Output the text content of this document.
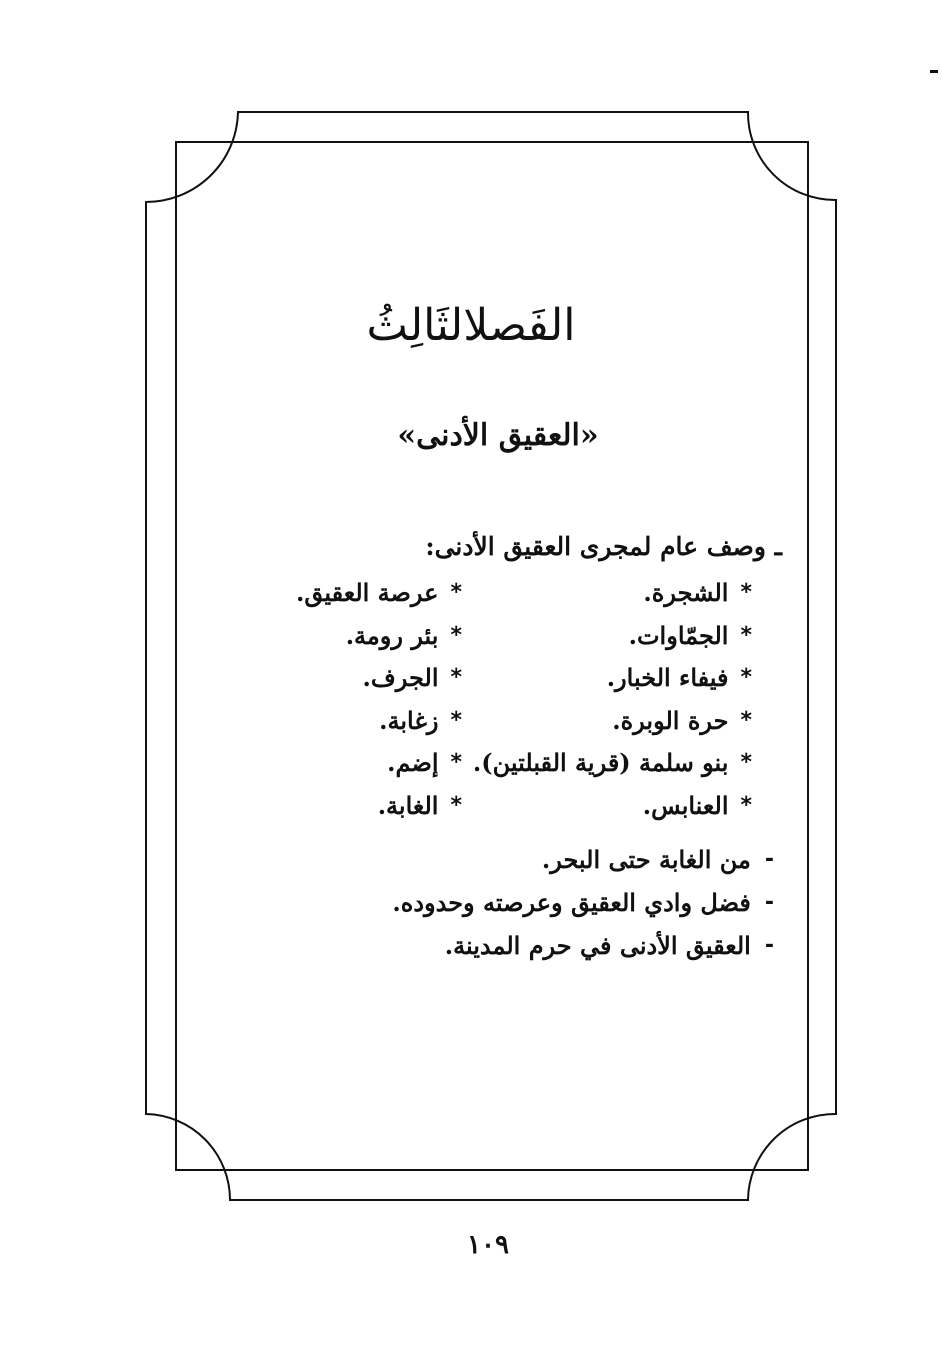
الفَصلالثَالِثُ
«العقيق الأدنى»
ـ وصف عام لمجرى العقيق الأدنى:
*
الشجرة.
*
عرصة العقيق.
*
الجمّاوات.
*
بئر رومة.
*
فيفاء الخبار.
*
الجرف.
*
حرة الوبرة.
*
زغابة.
*
بنو سلمة (قرية القبلتين).
*
إضم.
*
العنابس.
*
الغابة.
-
من الغابة حتى البحر.
-
فضل وادي العقيق وعرصته وحدوده.
-
العقيق الأدنى في حرم المدينة.
١٠٩
